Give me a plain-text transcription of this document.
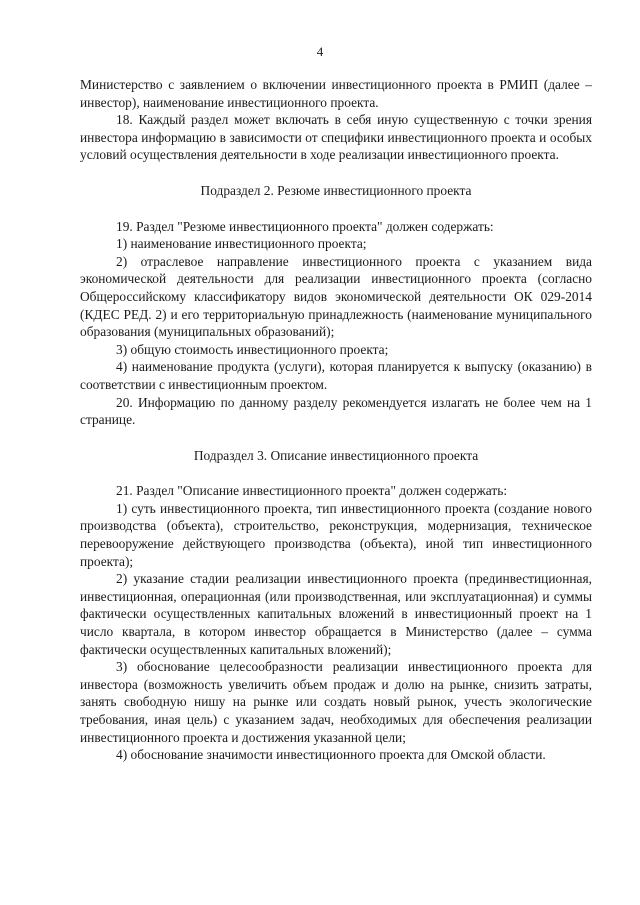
4

Министерство с заявлением о включении инвестиционного проекта в РМИП (далее – инвестор), наименование инвестиционного проекта.

18. Каждый раздел может включать в себя иную существенную с точки зрения инвестора информацию в зависимости от специфики инвестиционного проекта и особых условий осуществления деятельности в ходе реализации инвестиционного проекта.

Подраздел 2. Резюме инвестиционного проекта

19. Раздел "Резюме инвестиционного проекта" должен содержать:

1) наименование инвестиционного проекта;

2) отраслевое направление инвестиционного проекта с указанием вида экономической деятельности для реализации инвестиционного проекта (согласно Общероссийскому классификатору видов экономической деятельности ОК 029-2014 (КДЕС РЕД. 2) и его территориальную принадлежность (наименование муниципального образования (муниципальных образований);

3) общую стоимость инвестиционного проекта;

4) наименование продукта (услуги), которая планируется к выпуску (оказанию) в соответствии с инвестиционным проектом.

20. Информацию по данному разделу рекомендуется излагать не более чем на 1 странице.

Подраздел 3. Описание инвестиционного проекта

21. Раздел "Описание инвестиционного проекта" должен содержать:

1) суть инвестиционного проекта, тип инвестиционного проекта (создание нового производства (объекта), строительство, реконструкция, модернизация, техническое перевооружение действующего производства (объекта), иной тип инвестиционного проекта);

2) указание стадии реализации инвестиционного проекта (прединвестиционная, инвестиционная, операционная (или производственная, или эксплуатационная) и суммы фактически осуществленных капитальных вложений в инвестиционный проект на 1 число квартала, в котором инвестор обращается в Министерство (далее – сумма фактически осуществленных капитальных вложений);

3) обоснование целесообразности реализации инвестиционного проекта для инвестора (возможность увеличить объем продаж и долю на рынке, снизить затраты, занять свободную нишу на рынке или создать новый рынок, учесть экологические требования, иная цель) с указанием задач, необходимых для обеспечения реализации инвестиционного проекта и достижения указанной цели;

4) обоснование значимости инвестиционного проекта для Омской области.
